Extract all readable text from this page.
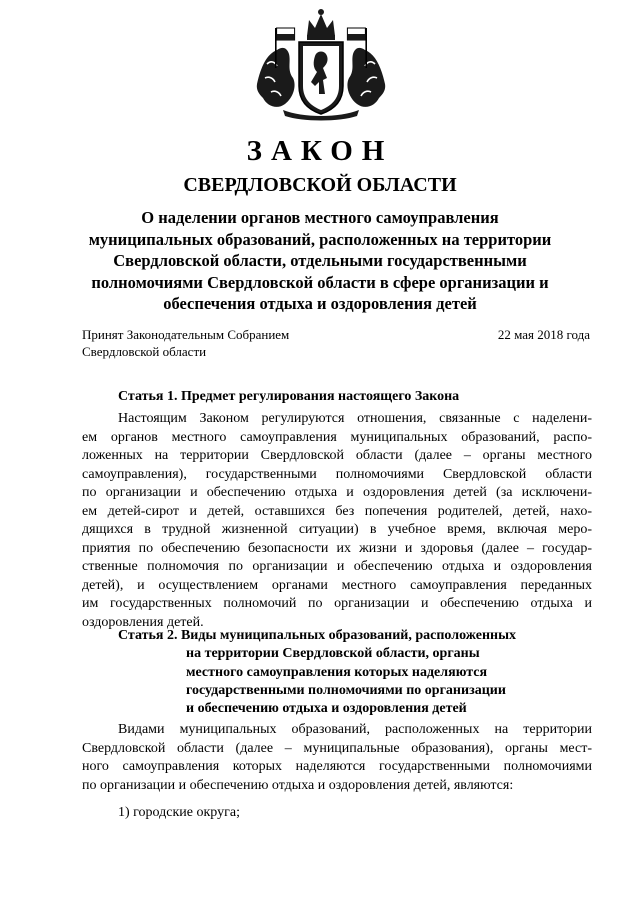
ЗАКОН
СВЕРДЛОВСКОЙ ОБЛАСТИ
О наделении органов местного самоуправления
муниципальных образований, расположенных на территории
Свердловской области, отдельными государственными
полномочиями Свердловской области в сфере организации и
обеспечения отдыха и оздоровления детей
Принят Законодательным Собранием
Свердловской области
22 мая 2018 года
Статья 1. Предмет регулирования настоящего Закона
Настоящим Законом регулируются отношения, связанные с наделени-
ем органов местного самоуправления муниципальных образований, распо-
ложенных на территории Свердловской области (далее – органы местного
самоуправления), государственными полномочиями Свердловской области
по организации и обеспечению отдыха и оздоровления детей (за исключени-
ем детей-сирот и детей, оставшихся без попечения родителей, детей, нахо-
дящихся в трудной жизненной ситуации) в учебное время, включая меро-
приятия по обеспечению безопасности их жизни и здоровья (далее – государ-
ственные полномочия по организации и обеспечению отдыха и оздоровления
детей), и осуществлением органами местного самоуправления переданных
им государственных полномочий по организации и обеспечению отдыха и
оздоровления детей.
Статья 2. Виды муниципальных образований, расположенных
на территории Свердловской области, органы
местного самоуправления которых наделяются
государственными полномочиями по организации
и обеспечению отдыха и оздоровления детей
Видами муниципальных образований, расположенных на территории
Свердловской области (далее – муниципальные образования), органы мест-
ного самоуправления которых наделяются государственными полномочиями
по организации и обеспечению отдыха и оздоровления детей, являются:
1) городские округа;
